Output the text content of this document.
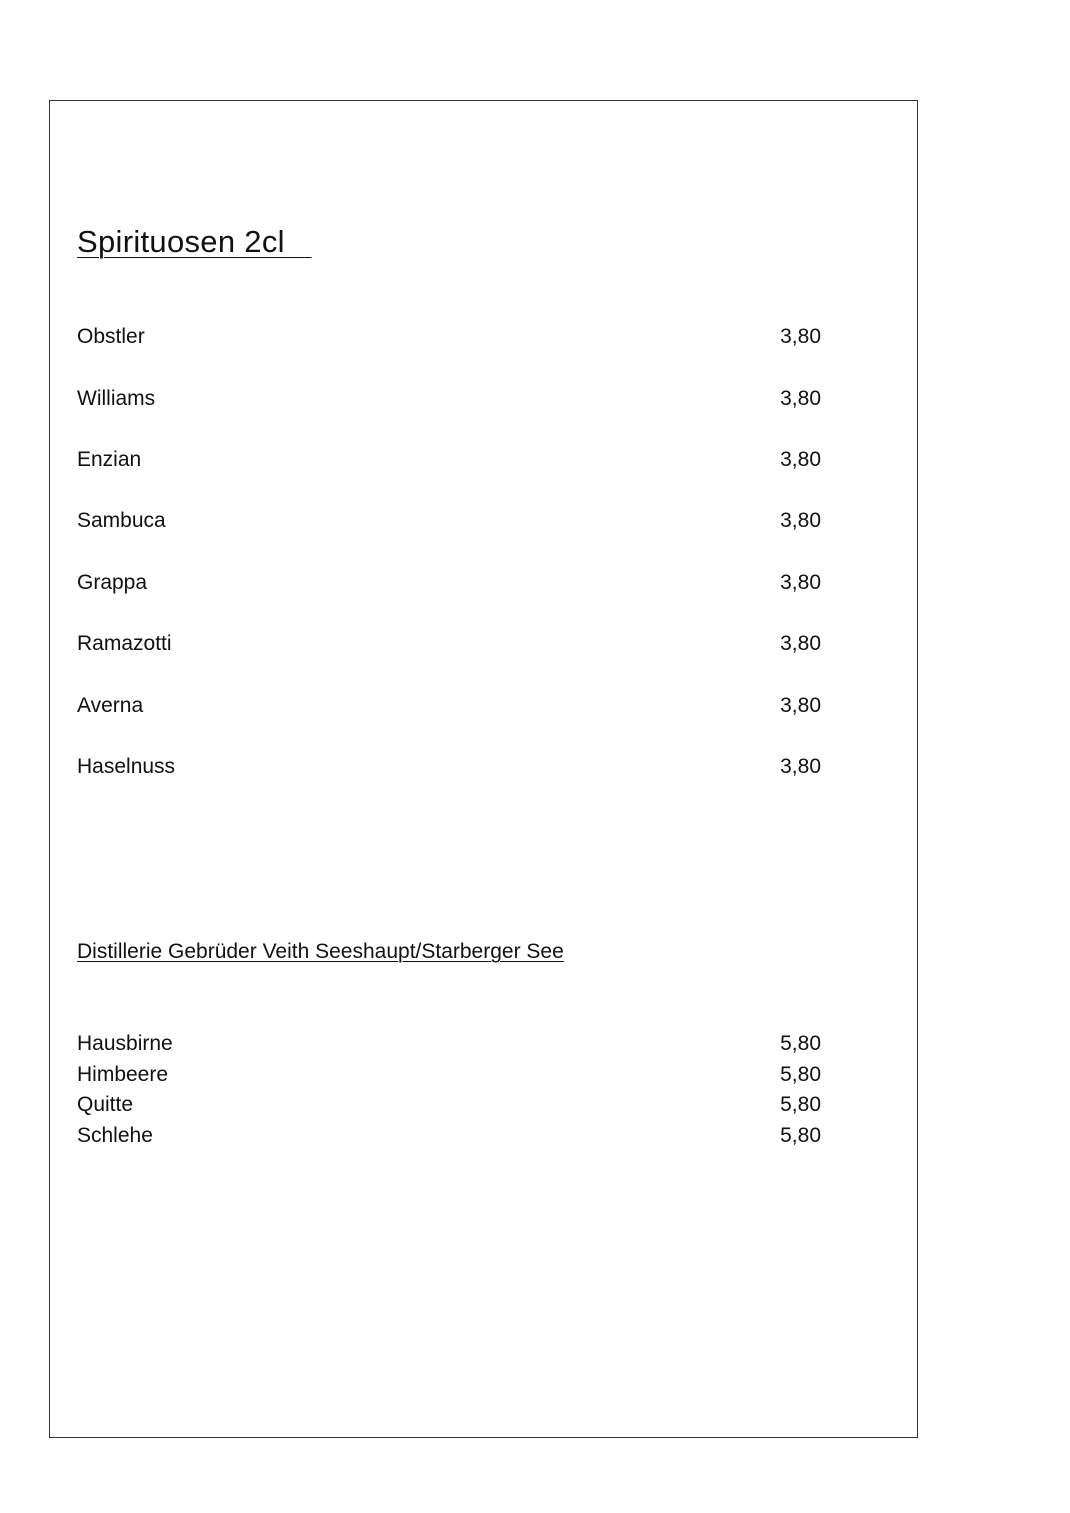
Spirituosen 2cl
Obstler	3,80
Williams	3,80
Enzian	3,80
Sambuca	3,80
Grappa	3,80
Ramazotti	3,80
Averna	3,80
Haselnuss	3,80
Distillerie Gebrüder Veith Seeshaupt/Starberger See
Hausbirne	5,80
Himbeere	5,80
Quitte	5,80
Schlehe	5,80
